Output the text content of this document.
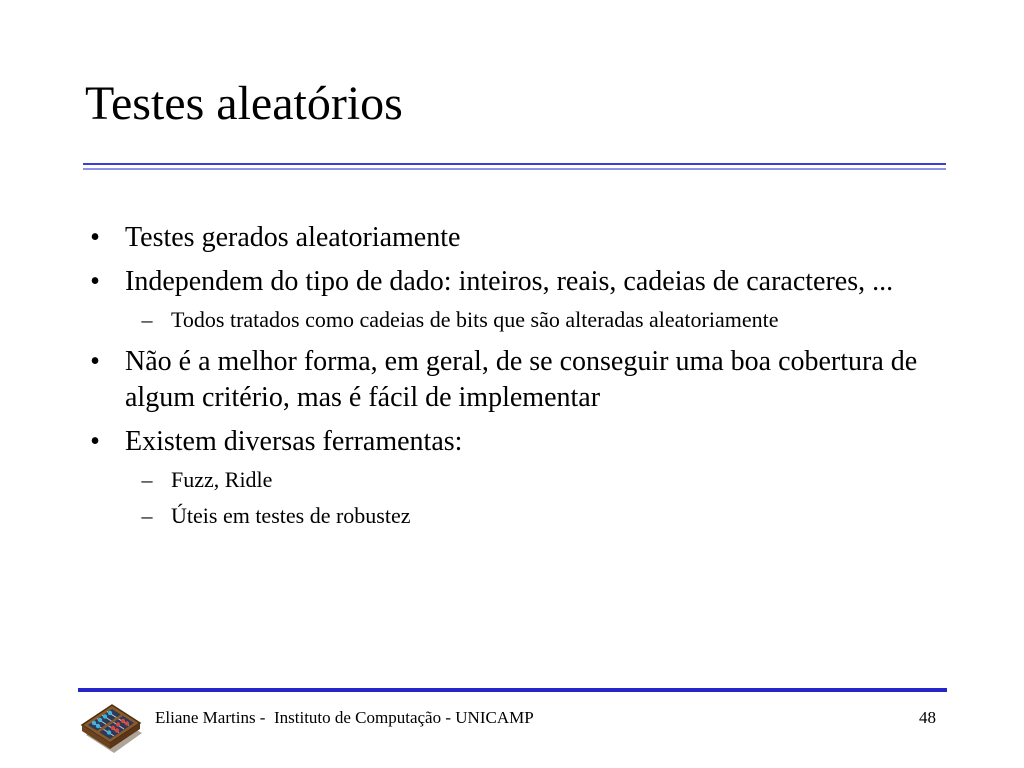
Testes aleatórios
• Testes gerados aleatoriamente
• Independem do tipo de dado: inteiros, reais, cadeias de caracteres, ...
– Todos tratados como cadeias de bits que são alteradas aleatoriamente
• Não é a melhor forma, em geral, de se conseguir uma boa cobertura de algum critério, mas é fácil de implementar
• Existem diversas ferramentas:
– Fuzz, Ridle
– Úteis em testes de robustez
Eliane Martins -  Instituto de Computação - UNICAMP	48
